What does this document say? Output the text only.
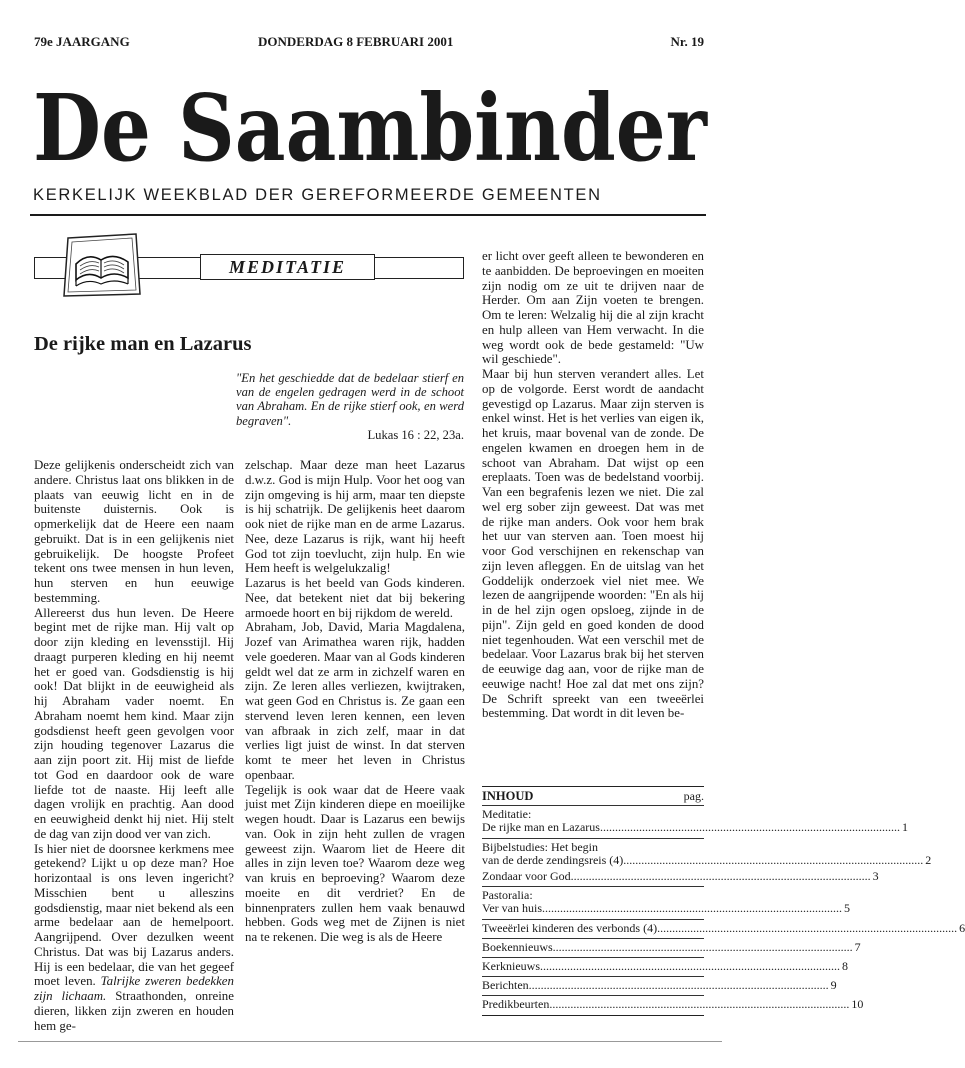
79e JAARGANG	DONDERDAG 8 FEBRUARI 2001	Nr. 19
De Saambinder
KERKELIJK WEEKBLAD DER GEREFORMEERDE GEMEENTEN
MEDITATIE
De rijke man en Lazarus
"En het geschiedde dat de bedelaar stierf en van de engelen gedragen werd in de schoot van Abraham. En de rijke stierf ook, en werd begraven".
Lukas 16 : 22, 23a.

Deze gelijkenis onderscheidt zich van andere. Christus laat ons blikken in de plaats van eeuwig licht en in de buitenste duisternis. Ook is opmerkelijk dat de Heere een naam gebruikt. Dat is in een gelijkenis niet gebruikelijk. De hoogste Profeet tekent ons twee mensen in hun leven, hun sterven en hun eeuwige bestemming.

Allereerst dus hun leven. De Heere begint met de rijke man. Hij valt op door zijn kleding en levensstijl. Hij draagt purperen kleding en hij neemt het er goed van. Godsdienstig is hij ook! Dat blijkt in de eeuwigheid als hij Abraham vader noemt. En Abraham noemt hem kind. Maar zijn godsdienst heeft geen gevolgen voor zijn houding tegenover Lazarus die aan zijn poort zit. Hij mist de liefde tot God en daardoor ook de ware liefde tot de naaste. Hij leeft alle dagen vrolijk en prachtig. Aan dood en eeuwigheid denkt hij niet. Hij stelt de dag van zijn dood ver van zich.

Is hier niet de doorsnee kerkmens mee getekend? Lijkt u op deze man? Hoe horizontaal is ons leven ingericht? Misschien bent u alleszins godsdienstig, maar niet bekend als een arme bedelaar aan de hemelpoort. Aangrijpend. Over dezulken weent Christus. Dat was bij Lazarus anders. Hij is een bedelaar, die van het gegeef moet leven. Talrijke zweren bedekken zijn lichaam. Straathonden, onreine dieren, likken zijn zweren en houden hem ge-

zelschap. Maar deze man heet Lazarus d.w.z. God is mijn Hulp. Voor het oog van zijn omgeving is hij arm, maar ten diepste is hij schatrijk. De gelijkenis heet daarom ook niet de rijke man en de arme Lazarus. Nee, deze Lazarus is rijk, want hij heeft God tot zijn toevlucht, zijn hulp. En wie Hem heeft is welgelukzalig!

Lazarus is het beeld van Gods kinderen. Nee, dat betekent niet dat bij bekering armoede hoort en bij rijkdom de wereld.

Abraham, Job, David, Maria Magdalena, Jozef van Arimathea waren rijk, hadden vele goederen. Maar van al Gods kinderen geldt wel dat ze arm in zichzelf waren en zijn. Ze leren alles verliezen, kwijtraken, wat geen God en Christus is. Ze gaan een stervend leven leren kennen, een leven van afbraak in zich zelf, maar in dat verlies ligt juist de winst. In dat sterven komt te meer het leven in Christus openbaar.

Tegelijk is ook waar dat de Heere vaak juist met Zijn kinderen diepe en moeilijke wegen houdt. Daar is Lazarus een bewijs van. Ook in zijn heht zullen de vragen geweest zijn. Waarom liet de Heere dit alles in zijn leven toe? Waarom deze weg van kruis en beproeving? Waarom deze moeite en dit verdriet? En de binnenpraters zullen hem vaak benauwd hebben. Gods weg met de Zijnen is niet na te rekenen. Die weg is als de Heere

er licht over geeft alleen te bewonderen en te aanbidden. De beproevingen en moeiten zijn nodig om ze uit te drijven naar de Herder. Om aan Zijn voeten te brengen. Om te leren: Welzalig hij die al zijn kracht en hulp alleen van Hem verwacht. In die weg wordt ook de bede gestameld: "Uw wil geschiede".

Maar bij hun sterven verandert alles. Let op de volgorde. Eerst wordt de aandacht gevestigd op Lazarus. Maar zijn sterven is enkel winst. Het is het verlies van eigen ik, het kruis, maar bovenal van de zonde. De engelen kwamen en droegen hem in de schoot van Abraham. Dat wijst op een ereplaats. Toen was de bedelstand voorbij. Van een begrafenis lezen we niet. Die zal wel erg sober zijn geweest. Dat was met de rijke man anders. Ook voor hem brak het uur van sterven aan. Toen moest hij voor God verschijnen en rekenschap van zijn leven afleggen. En de uitslag van het Goddelijk onderzoek viel niet mee. We lezen de aangrijpende woorden: "En als hij in de hel zijn ogen opsloeg, zijnde in de pijn". Zijn geld en goed konden de dood niet tegenhouden. Wat een verschil met de bedelaar. Voor Lazarus brak bij het sterven de eeuwige dag aan, voor de rijke man de eeuwige nacht! Hoe zal dat met ons zijn? De Schrift spreekt van een tweeërlei bestemming. Dat wordt in dit leven be-

INHOUD	pag.
Meditatie:
De rijke man en Lazarus .....	1
Bijbelstudies: Het begin
van de derde zendingsreis (4) .....	2
Zondaar voor God .....	3
Pastoralia:
Ver van huis .....	5
Tweeërlei kinderen des verbonds (4) .....	6
Boekennieuws .....	7
Kerknieuws .....	8
Berichten .....	9
Predikbeurten .....	10
